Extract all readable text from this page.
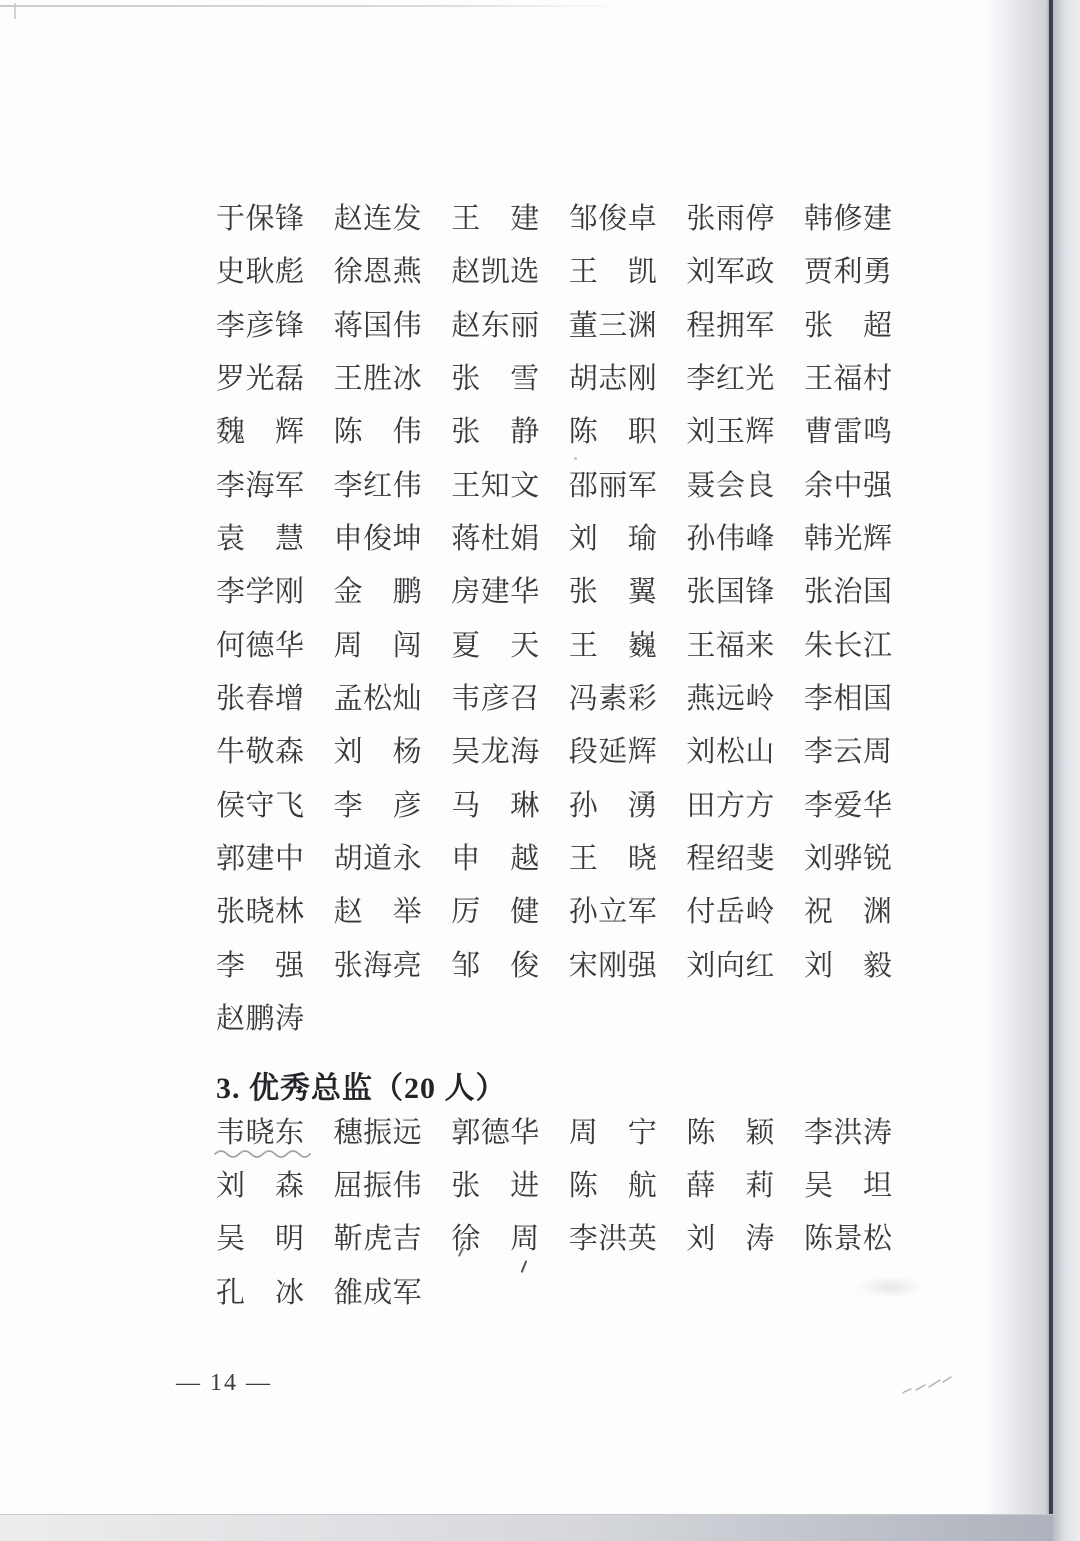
于保锋 赵连发 王　建 邹俊卓 张雨停 韩修建
史耿彪 徐恩燕 赵凯选 王　凯 刘军政 贾利勇
李彦锋 蒋国伟 赵东丽 董三渊 程拥军 张　超
罗光磊 王胜冰 张　雪 胡志刚 李红光 王福村
魏　辉 陈　伟 张　静 陈　职 刘玉辉 曹雷鸣
李海军 李红伟 王知文 邵丽军 聂会良 余中强
袁　慧 申俊坤 蒋杜娟 刘　瑜 孙伟峰 韩光辉
李学刚 金　鹏 房建华 张　翼 张国锋 张治国
何德华 周　闯 夏　天 王　巍 王福来 朱长江
张春增 孟松灿 韦彦召 冯素彩 燕远岭 李相国
牛敬森 刘　杨 吴龙海 段延辉 刘松山 李云周
侯守飞 李　彦 马　琳 孙　湧 田方方 李爱华
郭建中 胡道永 申　越 王　晓 程绍斐 刘骅锐
张晓林 赵　举 厉　健 孙立军 付岳岭 祝　渊
李　强 张海亮 邹　俊 宋刚强 刘向红 刘　毅
赵鹏涛
3. 优秀总监（20 人）
韦晓东 穗振远 郭德华 周　宁 陈　颖 李洪涛
刘　森 屈振伟 张　进 陈　航 薛　莉 吴　坦
吴　明 靳虎吉 徐　周 李洪英 刘　涛 陈景松
孔　冰 雒成军
— 14 —
